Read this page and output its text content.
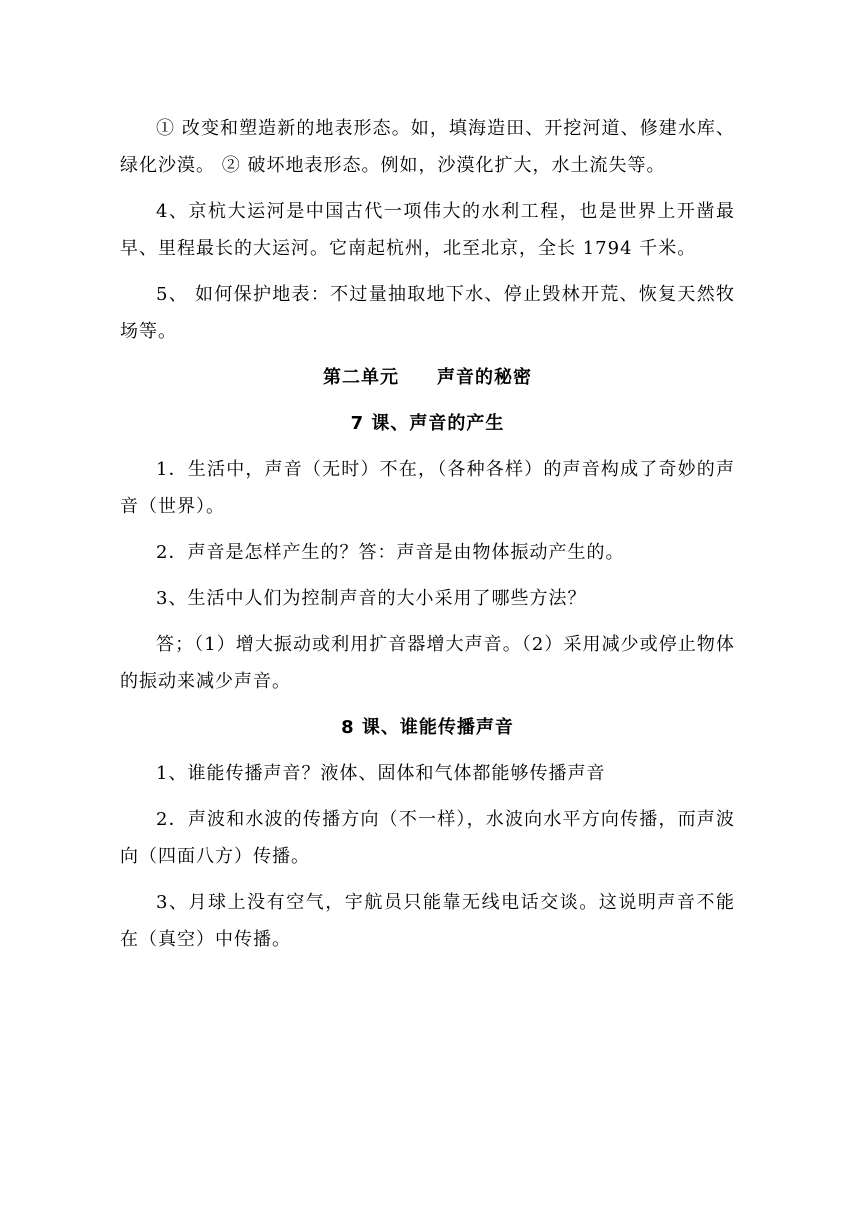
① 改变和塑造新的地表形态。如，填海造田、开挖河道、修建水库、绿化沙漠。 ② 破坏地表形态。例如，沙漠化扩大，水土流失等。

4、京杭大运河是中国古代一项伟大的水利工程，也是世界上开凿最早、里程最长的大运河。它南起杭州，北至北京，全长 1794 千米。

5、 如何保护地表：不过量抽取地下水、停止毁林开荒、恢复天然牧场等。

第二单元　　声音的秘密
7 课、声音的产生

1．生活中，声音（无时）不在，（各种各样）的声音构成了奇妙的声音（世界）。

2．声音是怎样产生的？答：声音是由物体振动产生的。

3、生活中人们为控制声音的大小采用了哪些方法？

答；（1）增大振动或利用扩音器增大声音。（2）采用减少或停止物体的振动来减少声音。

8 课、谁能传播声音

1、谁能传播声音？液体、固体和气体都能够传播声音

2．声波和水波的传播方向（不一样），水波向水平方向传播，而声波向（四面八方）传播。

3、月球上没有空气，宇航员只能靠无线电话交谈。这说明声音不能在（真空）中传播。
